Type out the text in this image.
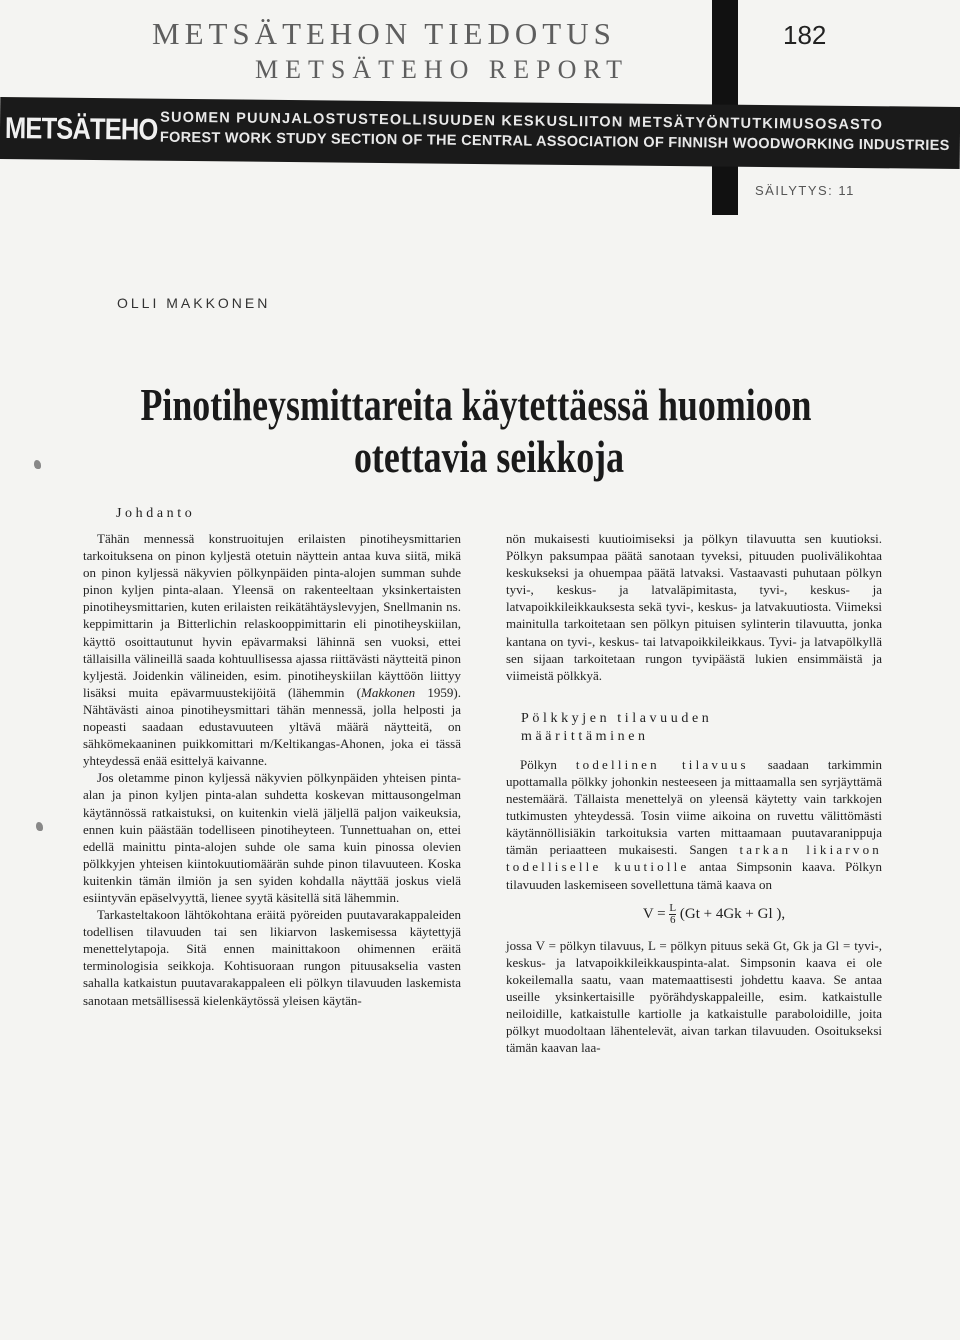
METSÄTEHON TIEDOTUS
METSÄTEHO REPORT
182
METSÄTEHO SUOMEN PUUNJALOSTUSTEOLLISUUDEN KESKUSLIITON METSÄTYÖNTUTKIMUSOSASTO
FOREST WORK STUDY SECTION OF THE CENTRAL ASSOCIATION OF FINNISH WOODWORKING INDUSTRIES
SÄILYTYS: 11
OLLI MAKKONEN
Pinotiheysmittareita käytettäessä huomioon
otettavia seikkoja
Johdanto

Tähän mennessä konstruoitujen erilaisten pinotiheysmittarien tarkoituksena on pinon kyljestä otetuin näyttein antaa kuva siitä, mikä on pinon kyljessä näkyvien pölkynpäiden pinta-alojen summan suhde pinon kyljen pinta-alaan. Yleensä on rakenteeltaan yksinkertaisten pinotiheysmittarien, kuten erilaisten reikätähtäyslevyjen, Snellmanin ns. keppimittarin ja Bitterlichin relaskooppimittarin eli pinotiheyskiilan, käyttö osoittautunut hyvin epävarmaksi lähinnä sen vuoksi, ettei tällaisilla välineillä saada kohtuullisessa ajassa riittävästi näytteitä pinon kyljestä. Joidenkin välineiden, esim. pinotiheyskiilan käyttöön liittyy lisäksi muita epävarmuustekijöitä (lähemmin (Makkonen 1959). Nähtävästi ainoa pinotiheysmittari tähän mennessä, jolla helposti ja nopeasti saadaan edustavuuteen yltävä määrä näytteitä, on sähkömekaaninen puikkomittari m/Keltikangas-Ahonen, joka ei tässä yhteydessä enää esittelyä kaivanne.

Jos oletamme pinon kyljessä näkyvien pölkynpäiden yhteisen pinta-alan ja pinon kyljen pinta-alan suhdetta koskevan mittausongelman käytännössä ratkaistuksi, on kuitenkin vielä jäljellä paljon vaikeuksia, ennen kuin päästään todelliseen pinotiheyteen. Tunnettuahan on, ettei edellä mainittu pinta-alojen suhde ole sama kuin pinossa olevien pölkkyjen yhteisen kiintokuutiomäärän suhde pinon tilavuuteen. Koska kuitenkin tämän ilmiön ja sen syiden kohdalla näyttää joskus vielä esiintyvän epäselvyyttä, lienee syytä käsitellä sitä lähemmin.

Tarkasteltakoon lähtökohtana eräitä pyöreiden puutavarakappaleiden todellisen tilavuuden tai sen likiarvon laskemisessa käytettyjä menettelytapoja. Sitä ennen mainittakoon ohimennen eräitä terminologisia seikkoja. Kohtisuoraan rungon pituusakselia vasten sahalla katkaistun puutavarakappaleen eli pölkyn tilavuuden laskemista sanotaan metsällisessä kielenkäytössä yleisen käytän-

nön mukaisesti kuutioimiseksi ja pölkyn tilavuutta sen kuutioksi. Pölkyn paksumpaa päätä sanotaan tyveksi, pituuden puolivälikohtaa keskukseksi ja ohuempaa päätä latvaksi. Vastaavasti puhutaan pölkyn tyvi-, keskus- ja latvaläpimitasta, tyvi-, keskus- ja latvapoikkileikkauksesta sekä tyvi-, keskus- ja latvakuutiosta. Viimeksi mainitulla tarkoitetaan sen pölkyn pituisen sylinterin tilavuutta, jonka kantana on tyvi-, keskus- tai latvapoikkileikkaus. Tyvi- ja latvapölkyllä sen sijaan tarkoitetaan rungon tyvipäästä lukien ensimmäistä ja viimeistä pölkkyä.

Pölkkyjen tilavuuden
määrittäminen

Pölkyn todellinen tilavuus saadaan tarkimmin upottamalla pölkky johonkin nesteeseen ja mittaamalla sen syrjäyttämä nestemäärä. Tällaista menettelyä on yleensä käytetty vain tarkkojen tutkimusten yhteydessä. Tosin viime aikoina on ruvettu välittömästi käytännöllisiäkin tarkoituksia varten mittaamaan puutavaranippuja tämän periaatteen mukaisesti. Sangen tarkan likiarvon todelliselle kuutiolle antaa Simpsonin kaava. Pölkyn tilavuuden laskemiseen sovellettuna tämä kaava on

$V = \frac{L}{6} (Gt + 4Gk + Gl$ ),

jossa V = pölkyn tilavuus, L = pölkyn pituus sekä Gt, Gk ja Gl = tyvi-, keskus- ja latvapoikkileikkauspinta-alat. Simpsonin kaava ei ole kokeilemalla saatu, vaan matemaattisesti johdettu kaava. Se antaa useille yksinkertaisille pyörähdyskappaleille, esim. katkaistulle neiloidille, katkaistulle kartiolle ja katkaistulle paraboloidille, joita pölkyt muodoltaan lähentelevät, aivan tarkan tilavuuden. Osoitukseksi tämän kaavan laa-
